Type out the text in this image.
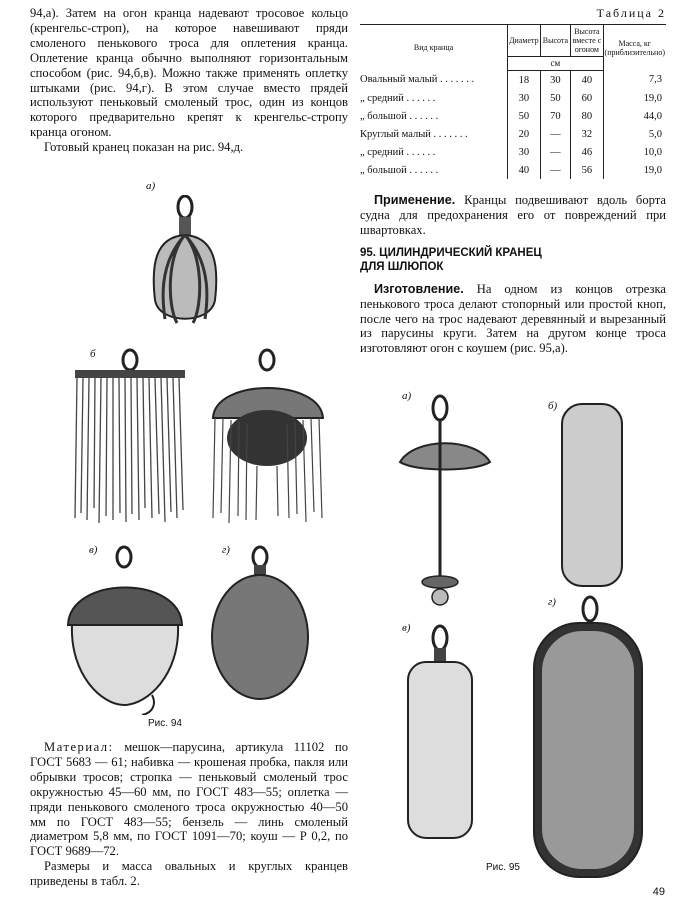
94,а). Затем на огон кранца надевают тросовое кольцо (кренгельс-строп), на которое навешивают пряди смоленого пенькового троса для оплетения кранца. Оплетение кранца обычно выполняют горизонтальным способом (рис. 94,б,в). Можно также применять оплетку штыками (рис. 94,г). В этом случае вместо прядей используют пеньковый смоленый трос, один из концов которого предварительно крепят к кренгельс-стропу кранца огоном.

Готовый кранец показан на рис. 94,д.

а)
б
в)	г)
Рис. 94

Материал: мешок—парусина, артикула 11102 по ГОСТ 5683 — 61; набивка — крошеная пробка, пакля или обрывки тросов; стропка — пеньковый смоленый трос окружностью 45—60 мм, по ГОСТ 483—55; оплетка — пряди пенькового смоленого троса окружностью 40—50 мм по ГОСТ 483—55; бензель — линь смоленый диаметром 5,8 мм, по ГОСТ 1091—70; коуш — Р 0,2, по ГОСТ 9689—72.

Размеры и масса овальных и круглых кранцев приведены в табл. 2.

Таблица 2
Вид кранца	Диаметр	Высота	Высота вместе с огоном	Масса, кг (приблизительно)
	см			
Овальный малый . . . . . . .	18	30	40	7,3
„ средний . . . . . .	30	50	60	19,0
„ большой . . . . . .	50	70	80	44,0
Круглый малый . . . . . . .	20	—	32	5,0
„ средний . . . . . .	30	—	46	10,0
„ большой . . . . . .	40	—	56	19,0

Применение. Кранцы подвешивают вдоль борта судна для предохранения его от повреждений при швартовках.

95. ЦИЛИНДРИЧЕСКИЙ КРАНЕЦ
ДЛЯ ШЛЮПОК

Изготовление. На одном из концов отрезка пенькового троса делают стопорный или простой кноп, после чего на трос надевают деревянный и вырезанный из парусины круги. Затем на другом конце троса изготовляют огон с коушем (рис. 95,а).

а)
б)
в)
г)
Рис. 95
49
